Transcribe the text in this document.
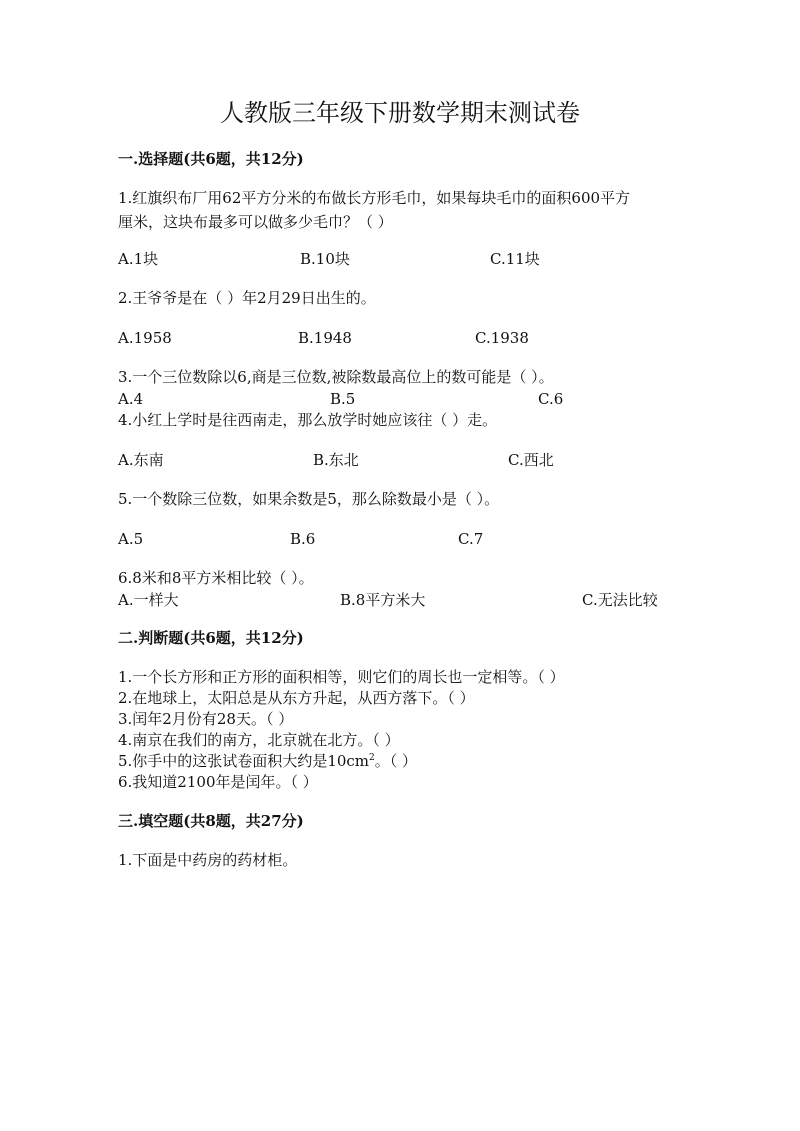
人教版三年级下册数学期末测试卷
一.选择题(共6题，共12分)
1.红旗织布厂用62平方分米的布做长方形毛巾，如果每块毛巾的面积600平方
厘米，这块布最多可以做多少毛巾？（ ）
A.1块	B.10块	C.11块
2.王爷爷是在（ ）年2月29日出生的。
A.1958	B.1948	C.1938
3.一个三位数除以6,商是三位数,被除数最高位上的数可能是（ ）。
A.4	B.5	C.6
4.小红上学时是往西南走，那么放学时她应该往（ ）走。
A.东南	B.东北	C.西北
5.一个数除三位数，如果余数是5，那么除数最小是（ ）。
A.5	B.6	C.7
6.8米和8平方米相比较（ ）。
A.一样大	B.8平方米大	C.无法比较
二.判断题(共6题，共12分)
1.一个长方形和正方形的面积相等，则它们的周长也一定相等。（ ）
2.在地球上，太阳总是从东方升起，从西方落下。（ ）
3.闰年2月份有28天。（ ）
4.南京在我们的南方，北京就在北方。（ ）
5.你手中的这张试卷面积大约是$10cm^2$。（ ）
6.我知道2100年是闰年。（ ）
三.填空题(共8题，共27分)
1.下面是中药房的药材柜。
